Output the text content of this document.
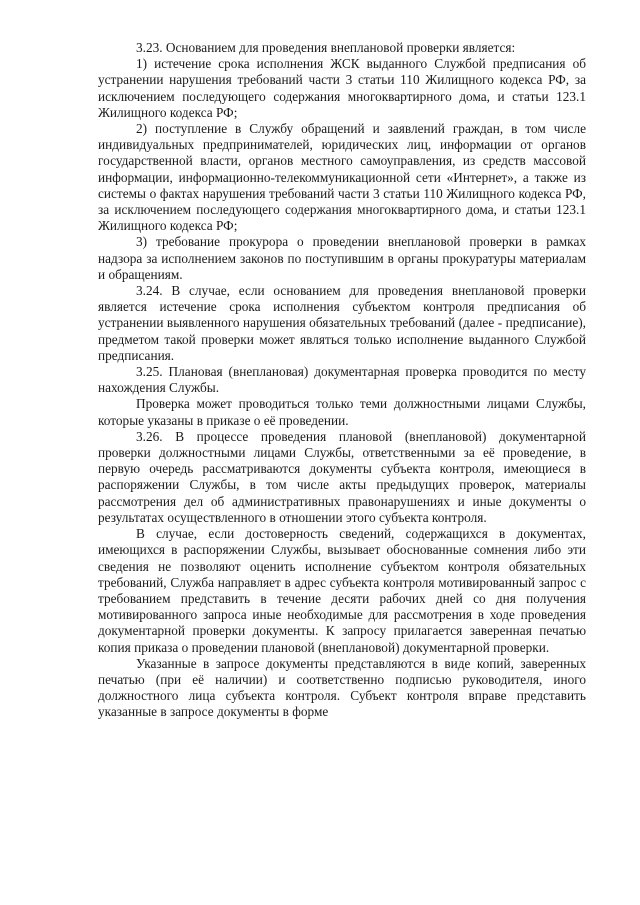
3.23. Основанием для проведения внеплановой проверки является:

1) истечение срока исполнения ЖСК выданного Службой предписания об устранении нарушения требований части 3 статьи 110 Жилищного кодекса РФ, за исключением последующего содержания многоквартирного дома, и статьи 123.1 Жилищного кодекса РФ;

2) поступление в Службу обращений и заявлений граждан, в том числе индивидуальных предпринимателей, юридических лиц, информации от органов государственной власти, органов местного самоуправления, из средств массовой информации, информационно-телекоммуникационной сети «Интернет», а также из системы о фактах нарушения требований части 3 статьи 110 Жилищного кодекса РФ, за исключением последующего содержания многоквартирного дома, и статьи 123.1 Жилищного кодекса РФ;

3) требование прокурора о проведении внеплановой проверки в рамках надзора за исполнением законов по поступившим в органы прокуратуры материалам и обращениям.

3.24. В случае, если основанием для проведения внеплановой проверки является истечение срока исполнения субъектом контроля предписания об устранении выявленного нарушения обязательных требований (далее - предписание), предметом такой проверки может являться только исполнение выданного Службой предписания.

3.25. Плановая (внеплановая) документарная проверка проводится по месту нахождения Службы.

Проверка может проводиться только теми должностными лицами Службы, которые указаны в приказе о её проведении.

3.26. В процессе проведения плановой (внеплановой) документарной проверки должностными лицами Службы, ответственными за её проведение, в первую очередь рассматриваются документы субъекта контроля, имеющиеся в распоряжении Службы, в том числе акты предыдущих проверок, материалы рассмотрения дел об административных правонарушениях и иные документы о результатах осуществленного в отношении этого субъекта контроля.

В случае, если достоверность сведений, содержащихся в документах, имеющихся в распоряжении Службы, вызывает обоснованные сомнения либо эти сведения не позволяют оценить исполнение субъектом контроля обязательных требований, Служба направляет в адрес субъекта контроля мотивированный запрос с требованием представить в течение десяти рабочих дней со дня получения мотивированного запроса иные необходимые для рассмотрения в ходе проведения документарной проверки документы. К запросу прилагается заверенная печатью копия приказа о проведении плановой (внеплановой) документарной проверки.

Указанные в запросе документы представляются в виде копий, заверенных печатью (при её наличии) и соответственно подписью руководителя, иного должностного лица субъекта контроля. Субъект контроля вправе представить указанные в запросе документы в форме
